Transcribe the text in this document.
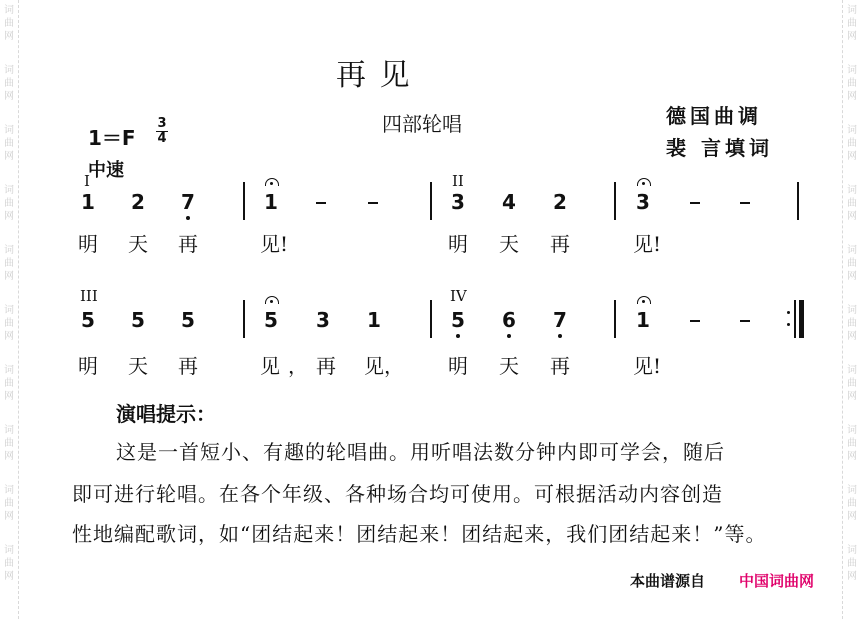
词	词
曲	曲
网	网
词	词
曲	曲
网	网
词	词
曲	曲
网	网
词	词
曲	曲
网	网
词	词
曲	曲
网	网
词	词
曲	曲
网	网
词	词
曲	曲
网	网
词	词
曲	曲
网	网
词	词
曲	曲
网	网
词	词
曲	曲
网	网
再 见
四部轮唱	德国曲调
裴 言填词
1＝F
3
4
中速
I	II
1 2 7	1	3 4 2	3
明	天	再	见!	明	天	再	见!
III	IV
5 5 5	5 3 1	5 6 7	1
明	天	再	见，再 见， 明	天	再	见!
演唱提示：
这是一首短小、有趣的轮唱曲。用听唱法数分钟内即可学会，随后
即可进行轮唱。在各个年级、各种场合均可使用。可根据活动内容创造
性地编配歌词，如“团结起来！团结起来！团结起来，我们团结起来！”等。
本曲谱源自 中国词曲网
